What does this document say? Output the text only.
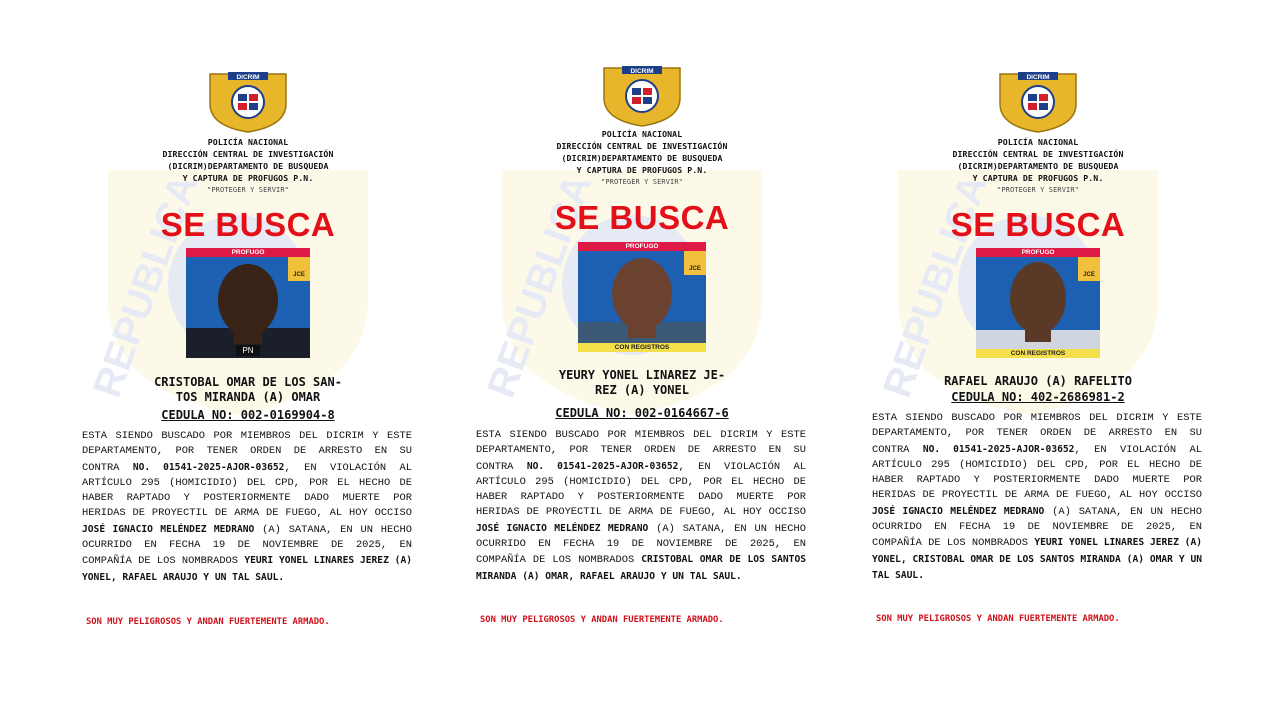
REPUBLICA
DICRIM
POLICÍA NACIONAL
DIRECCIÓN CENTRAL DE INVESTIGACIÓN
(DICRIM)DEPARTAMENTO DE BUSQUEDA
Y CAPTURA DE PROFUGOS P.N.
"PROTEGER Y SERVIR"
SE BUSCA
PROFUGO
JCE
PN
CRISTOBAL OMAR DE LOS SAN-
TOS MIRANDA (A) OMAR
CEDULA NO: 002-0169904-8
ESTA SIENDO BUSCADO POR MIEMBROS DEL DICRIM Y ESTE DEPARTAMENTO, POR TENER ORDEN DE ARRESTO EN SU CONTRA NO. 01541-2025-AJOR-03652, EN VIOLACIÓN AL ARTÍCULO 295 (HOMICIDIO) DEL CPD, POR EL HECHO DE HABER RAPTADO Y POSTERIORMENTE DADO MUERTE POR HERIDAS DE PROYECTIL DE ARMA DE FUEGO, AL HOY OCCISO JOSÉ IGNACIO MELÉNDEZ MEDRANO (A) SATANA, EN UN HECHO OCURRIDO EN FECHA 19 DE NOVIEMBRE DE 2025, EN COMPAÑÍA DE LOS NOMBRADOS YEURI YONEL LINARES JEREZ (A) YONEL, RAFAEL ARAUJO Y UN TAL SAUL.
SON MUY PELIGROSOS Y ANDAN FUERTEMENTE ARMADO.
REPUBLICA
DICRIM
POLICÍA NACIONAL
DIRECCIÓN CENTRAL DE INVESTIGACIÓN
(DICRIM)DEPARTAMENTO DE BUSQUEDA
Y CAPTURA DE PROFUGOS P.N.
"PROTEGER Y SERVIR"
SE BUSCA
PROFUGO
JCE
CON REGISTROS
YEURY YONEL LINAREZ JE-
REZ (A) YONEL
CEDULA NO: 002-0164667-6
ESTA SIENDO BUSCADO POR MIEMBROS DEL DICRIM Y ESTE DEPARTAMENTO, POR TENER ORDEN DE ARRESTO EN SU CONTRA NO. 01541-2025-AJOR-03652, EN VIOLACIÓN AL ARTÍCULO 295 (HOMICIDIO) DEL CPD, POR EL HECHO DE HABER RAPTADO Y POSTERIORMENTE DADO MUERTE POR HERIDAS DE PROYECTIL DE ARMA DE FUEGO, AL HOY OCCISO JOSÉ IGNACIO MELÉNDEZ MEDRANO (A) SATANA, EN UN HECHO OCURRIDO EN FECHA 19 DE NOVIEMBRE DE 2025, EN COMPAÑÍA DE LOS NOMBRADOS CRISTOBAL OMAR DE LOS SANTOS MIRANDA (A) OMAR, RAFAEL ARAUJO Y UN TAL SAUL.
SON MUY PELIGROSOS Y ANDAN FUERTEMENTE ARMADO.
REPUBLICA
DICRIM
POLICÍA NACIONAL
DIRECCIÓN CENTRAL DE INVESTIGACIÓN
(DICRIM)DEPARTAMENTO DE BUSQUEDA
Y CAPTURA DE PROFUGOS P.N.
"PROTEGER Y SERVIR"
SE BUSCA
PROFUGO
JCE
CON REGISTROS
RAFAEL ARAUJO (A) RAFELITO
CEDULA NO: 402-2686981-2
ESTA SIENDO BUSCADO POR MIEMBROS DEL DICRIM Y ESTE DEPARTAMENTO, POR TENER ORDEN DE ARRESTO EN SU CONTRA NO. 01541-2025-AJOR-03652, EN VIOLACIÓN AL ARTÍCULO 295 (HOMICIDIO) DEL CPD, POR EL HECHO DE HABER RAPTADO Y POSTERIORMENTE DADO MUERTE POR HERIDAS DE PROYECTIL DE ARMA DE FUEGO, AL HOY OCCISO JOSÉ IGNACIO MELÉNDEZ MEDRANO (A) SATANA, EN UN HECHO OCURRIDO EN FECHA 19 DE NOVIEMBRE DE 2025, EN COMPAÑÍA DE LOS NOMBRADOS YEURI YONEL LINARES JEREZ (A) YONEL, CRISTOBAL OMAR DE LOS SANTOS MIRANDA (A) OMAR Y UN TAL SAUL.
SON MUY PELIGROSOS Y ANDAN FUERTEMENTE ARMADO.
